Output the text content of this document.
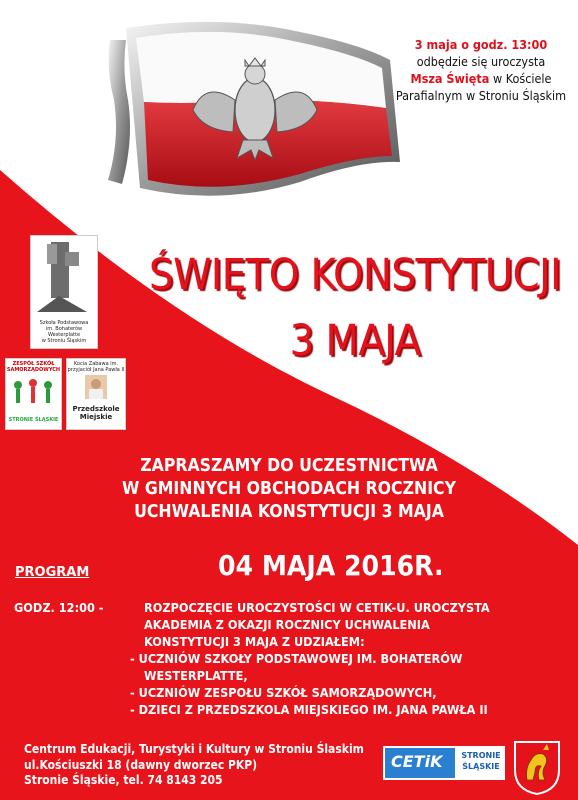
3 maja o godz. 13:00
odbędzie się uroczysta
Msza Święta w Kościele
Parafialnym w Stroniu Śląskim
Szkoła Podstawowa
im. Bohaterów Westerplatte
w Stroniu Śląskim
ZESPÓŁ SZKÓŁ SAMORZĄDOWYCH
STRONIE ŚLĄSKIE
Kocia Zabawa im. przyjaciół Jana Pawła II
Przedszkole
Miejskie
ŚWIĘTO KONSTYTUCJI
3 MAJA
ZAPRASZAMY DO UCZESTNICTWA
W GMINNYCH OBCHODACH ROCZNICY
UCHWALENIA KONSTYTUCJI 3 MAJA
PROGRAM	04 MAJA 2016R.
GODZ. 12:00 -	ROZPOCZĘCIE UROCZYSTOŚCI W CETIK-U. UROCZYSTA
AKADEMIA Z OKAZJI ROCZNICY UCHWALENIA
KONSTYTUCJI 3 MAJA Z UDZIAŁEM:
- UCZNIÓW SZKOŁY PODSTAWOWEJ IM. BOHATERÓW
WESTERPLATTE,
- UCZNIÓW ZESPOŁU SZKÓŁ SAMORZĄDOWYCH,
- DZIECI Z PRZEDSZKOLA MIEJSKIEGO IM. JANA PAWŁA II
Centrum Edukacji, Turystyki i Kultury w Stroniu Ślaskim
ul.Kościuszki 18 (dawny dworzec PKP)
Stronie Śląskie, tel. 74 8143 205
CETiK STRONIE
ŚLĄSKIE
